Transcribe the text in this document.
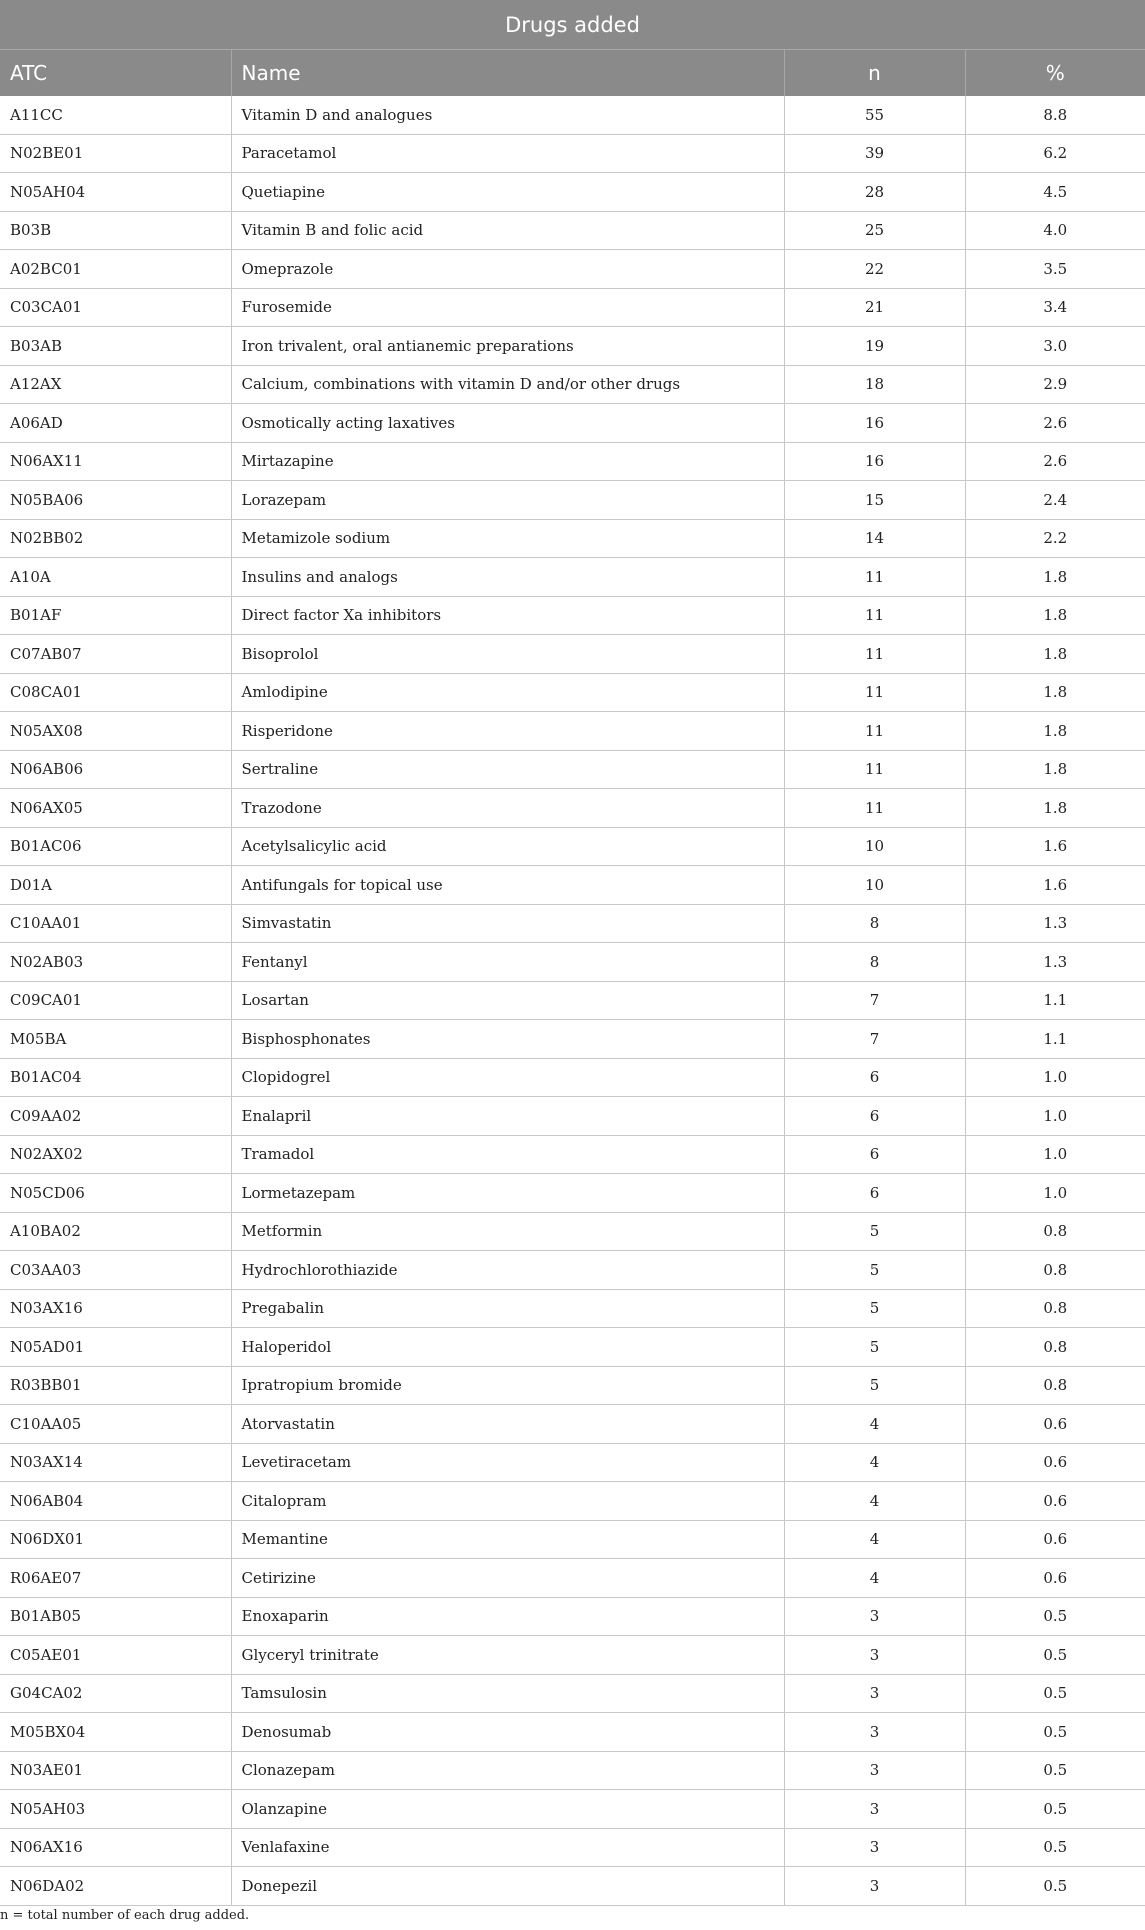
Drugs added			
ATC	Name	n	%
A11CC	Vitamin D and analogues	55	8.8
N02BE01	Paracetamol	39	6.2
N05AH04	Quetiapine	28	4.5
B03B	Vitamin B and folic acid	25	4.0
A02BC01	Omeprazole	22	3.5
C03CA01	Furosemide	21	3.4
B03AB	Iron trivalent, oral antianemic preparations	19	3.0
A12AX	Calcium, combinations with vitamin D and/or other drugs	18	2.9
A06AD	Osmotically acting laxatives	16	2.6
N06AX11	Mirtazapine	16	2.6
N05BA06	Lorazepam	15	2.4
N02BB02	Metamizole sodium	14	2.2
A10A	Insulins and analogs	11	1.8
B01AF	Direct factor Xa inhibitors	11	1.8
C07AB07	Bisoprolol	11	1.8
C08CA01	Amlodipine	11	1.8
N05AX08	Risperidone	11	1.8
N06AB06	Sertraline	11	1.8
N06AX05	Trazodone	11	1.8
B01AC06	Acetylsalicylic acid	10	1.6
D01A	Antifungals for topical use	10	1.6
C10AA01	Simvastatin	8	1.3
N02AB03	Fentanyl	8	1.3
C09CA01	Losartan	7	1.1
M05BA	Bisphosphonates	7	1.1
B01AC04	Clopidogrel	6	1.0
C09AA02	Enalapril	6	1.0
N02AX02	Tramadol	6	1.0
N05CD06	Lormetazepam	6	1.0
A10BA02	Metformin	5	0.8
C03AA03	Hydrochlorothiazide	5	0.8
N03AX16	Pregabalin	5	0.8
N05AD01	Haloperidol	5	0.8
R03BB01	Ipratropium bromide	5	0.8
C10AA05	Atorvastatin	4	0.6
N03AX14	Levetiracetam	4	0.6
N06AB04	Citalopram	4	0.6
N06DX01	Memantine	4	0.6
R06AE07	Cetirizine	4	0.6
B01AB05	Enoxaparin	3	0.5
C05AE01	Glyceryl trinitrate	3	0.5
G04CA02	Tamsulosin	3	0.5
M05BX04	Denosumab	3	0.5
N03AE01	Clonazepam	3	0.5
N05AH03	Olanzapine	3	0.5
N06AX16	Venlafaxine	3	0.5
N06DA02	Donepezil	3	0.5
n = total number of each drug added.
